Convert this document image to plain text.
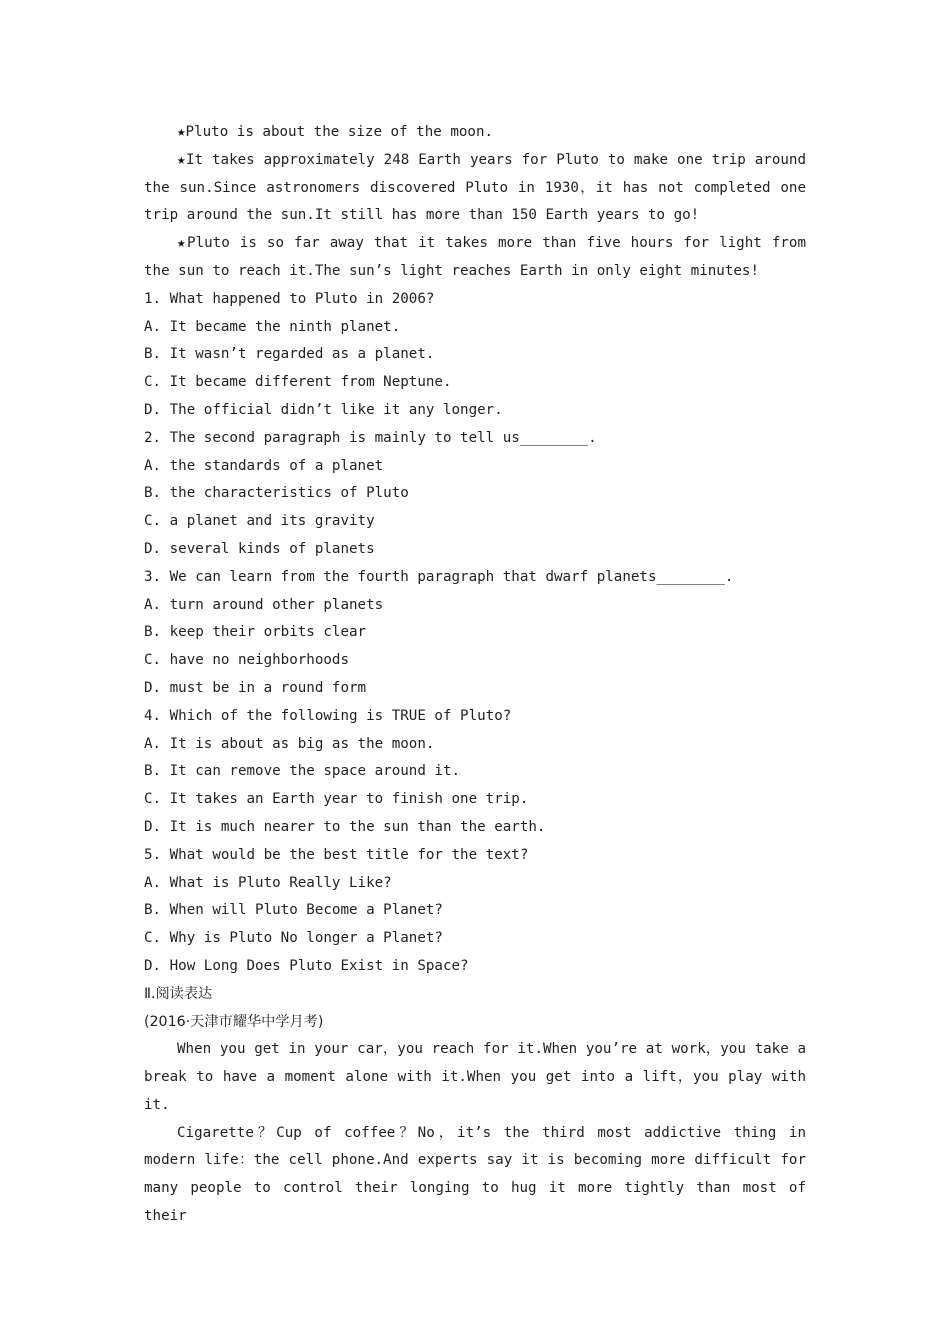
★Pluto is about the size of the moon.

★It takes approximately 248 Earth years for Pluto to make one trip around the sun.Since astronomers discovered Pluto in 1930，it has not completed one trip around the sun.It still has more than 150 Earth years to go!

★Pluto is so far away that it takes more than five hours for light from the sun to reach it.The sun’s light reaches Earth in only eight minutes!

1. What happened to Pluto in 2006?

A. It became the ninth planet.

B. It wasn’t regarded as a planet.

C. It became different from Neptune.

D. The official didn’t like it any longer.

2. The second paragraph is mainly to tell us________.

A. the standards of a planet

B. the characteristics of Pluto

C. a planet and its gravity

D. several kinds of planets

3. We can learn from the fourth paragraph that dwarf planets________.

A. turn around other planets

B. keep their orbits clear

C. have no neighborhoods

D. must be in a round form

4. Which of the following is TRUE of Pluto?

A. It is about as big as the moon.

B. It can remove the space around it.

C. It takes an Earth year to finish one trip.

D. It is much nearer to the sun than the earth.

5. What would be the best title for the text?

A. What is Pluto Really Like?

B. When will Pluto Become a Planet?

C. Why is Pluto No longer a Planet?

D. How Long Does Pluto Exist in Space?

Ⅱ.阅读表达

(2016·天津市耀华中学月考)

When you get in your car，you reach for it.When you’re at work，you take a break to have a moment alone with it.When you get into a lift，you play with it.

Cigarette？Cup of coffee？No，it’s the third most addictive thing in modern life：the cell phone.And experts say it is becoming more difficult for many people to control their longing to hug it more tightly than most of their
